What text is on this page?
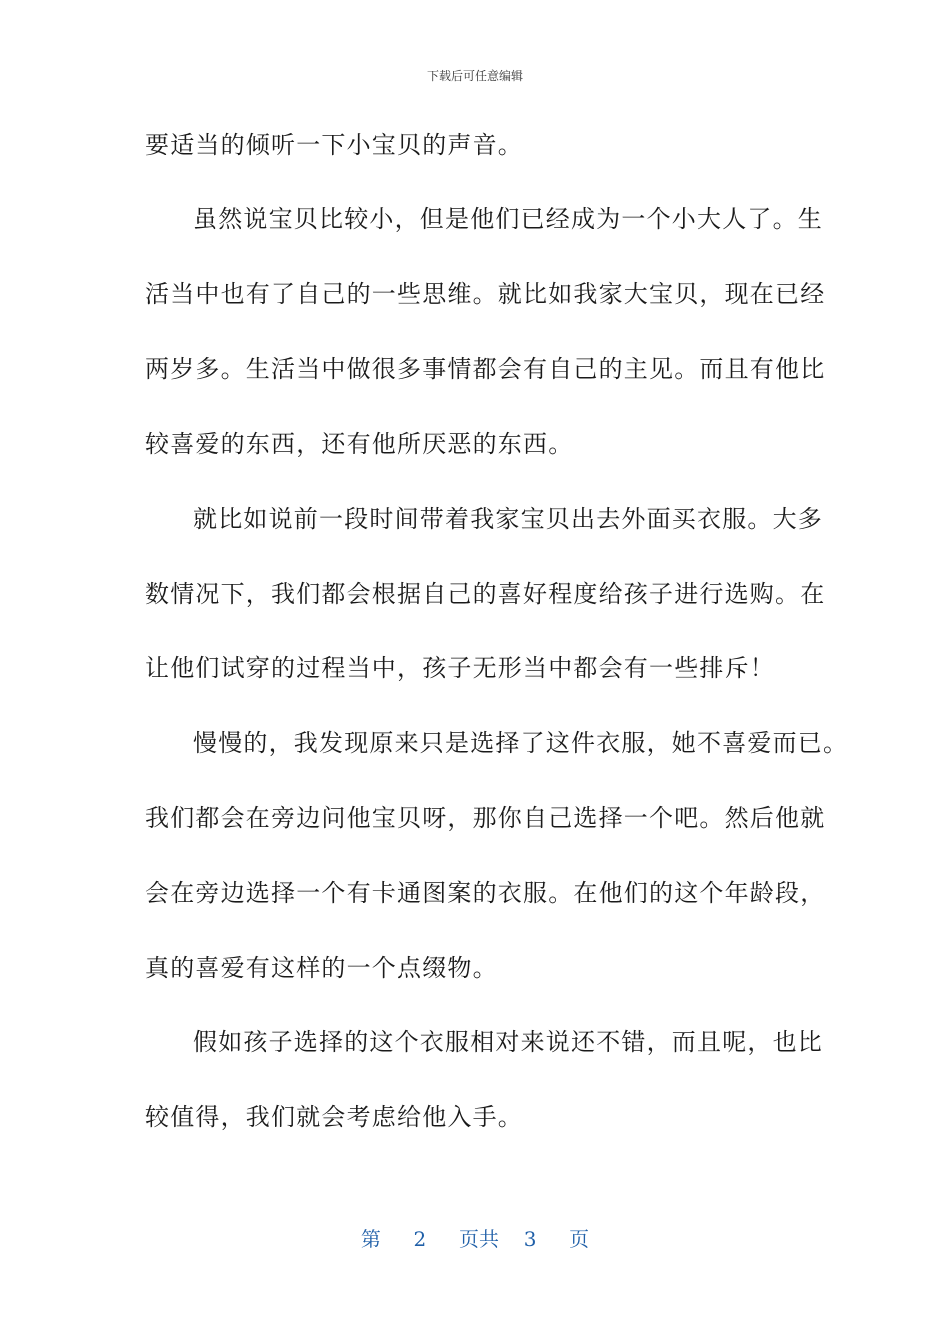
下载后可任意编辑
要适当的倾听一下小宝贝的声音。
虽然说宝贝比较小，但是他们已经成为一个小大人了。生
活当中也有了自己的一些思维。就比如我家大宝贝，现在已经
两岁多。生活当中做很多事情都会有自己的主见。而且有他比
较喜爱的东西，还有他所厌恶的东西。
就比如说前一段时间带着我家宝贝出去外面买衣服。大多
数情况下，我们都会根据自己的喜好程度给孩子进行选购。在
让他们试穿的过程当中，孩子无形当中都会有一些排斥！
慢慢的，我发现原来只是选择了这件衣服，她不喜爱而已。
我们都会在旁边问他宝贝呀，那你自己选择一个吧。然后他就
会在旁边选择一个有卡通图案的衣服。在他们的这个年龄段，
真的喜爱有这样的一个点缀物。
假如孩子选择的这个衣服相对来说还不错，而且呢，也比
较值得，我们就会考虑给他入手。
第 2 页共 3 页
